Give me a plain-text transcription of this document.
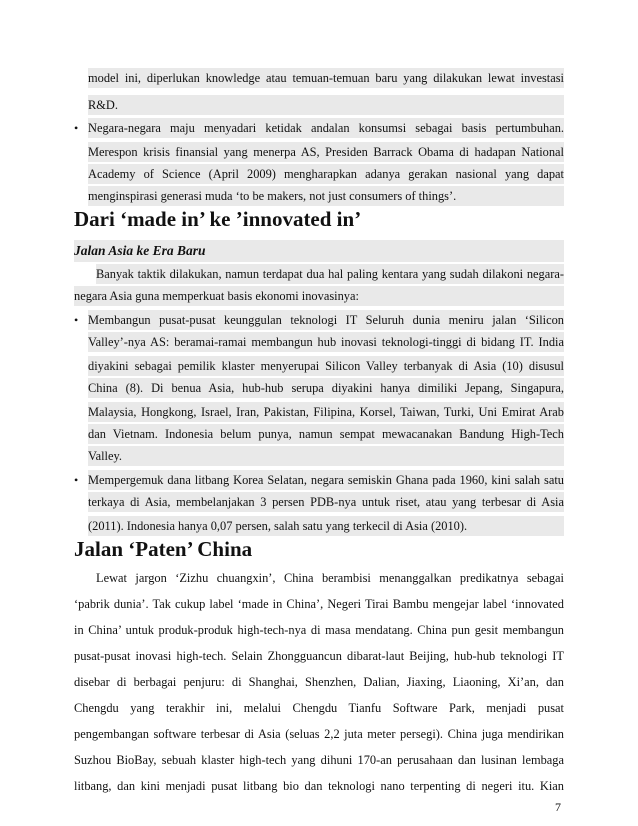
model ini, diperlukan knowledge atau temuan-temuan baru yang dilakukan lewat investasi
R&D.
• Negara-negara maju menyadari ketidak andalan konsumsi sebagai basis pertumbuhan.
Merespon krisis finansial yang menerpa AS, Presiden Barrack Obama di hadapan National
Academy of Science (April 2009) mengharapkan adanya gerakan nasional yang dapat
menginspirasi generasi muda ‘to be makers, not just consumers of things’.
Dari ‘made in’ ke ’innovated in’
Jalan Asia ke Era Baru
Banyak taktik dilakukan, namun terdapat dua hal paling kentara yang sudah dilakoni negara-
negara Asia guna memperkuat basis ekonomi inovasinya:
• Membangun pusat-pusat keunggulan teknologi IT Seluruh dunia meniru jalan ‘Silicon
Valley’-nya AS: beramai-ramai membangun hub inovasi teknologi-tinggi di bidang IT. India
diyakini sebagai pemilik klaster menyerupai Silicon Valley terbanyak di Asia (10) disusul
China (8). Di benua Asia, hub-hub serupa diyakini hanya dimiliki Jepang, Singapura,
Malaysia, Hongkong, Israel, Iran, Pakistan, Filipina, Korsel, Taiwan, Turki, Uni Emirat Arab
dan Vietnam. Indonesia belum punya, namun sempat mewacanakan Bandung High-Tech
Valley.
• Mempergemuk dana litbang Korea Selatan, negara semiskin Ghana pada 1960, kini salah satu
terkaya di Asia, membelanjakan 3 persen PDB-nya untuk riset, atau yang terbesar di Asia
(2011). Indonesia hanya 0,07 persen, salah satu yang terkecil di Asia (2010).
Jalan ‘Paten’ China
Lewat jargon ‘Zizhu chuangxin’, China berambisi menanggalkan predikatnya sebagai
‘pabrik dunia’. Tak cukup label ‘made in China’, Negeri Tirai Bambu mengejar label ‘innovated
in China’ untuk produk-produk high-tech-nya di masa mendatang. China pun gesit membangun
pusat-pusat inovasi high-tech. Selain Zhongguancun dibarat-laut Beijing, hub-hub teknologi IT
disebar di berbagai penjuru: di Shanghai, Shenzhen, Dalian, Jiaxing, Liaoning, Xi’an, dan
Chengdu yang terakhir ini, melalui Chengdu Tianfu Software Park, menjadi pusat
pengembangan software terbesar di Asia (seluas 2,2 juta meter persegi). China juga mendirikan
Suzhou BioBay, sebuah klaster high-tech yang dihuni 170-an perusahaan dan lusinan lembaga
litbang, dan kini menjadi pusat litbang bio dan teknologi nano terpenting di negeri itu. Kian
7
